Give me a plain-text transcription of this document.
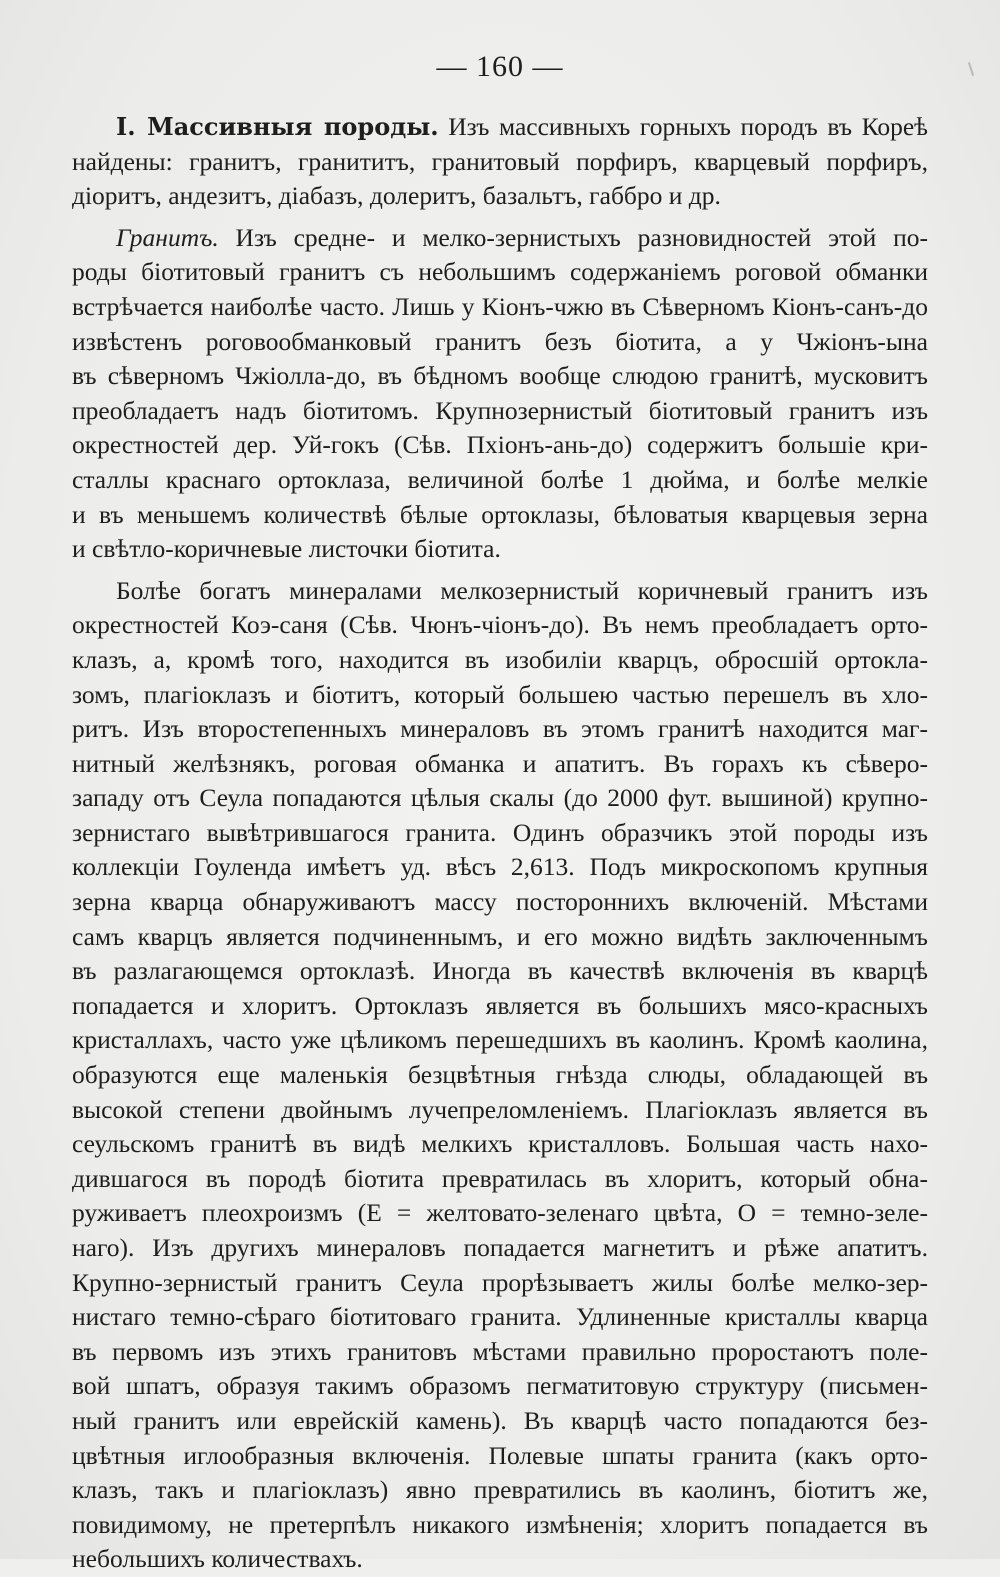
— 160 —
I. Массивныя породы. Изъ массивныхъ горныхъ породъ въ Кореѣ
найдены: гранитъ, гранититъ, гранитовый порфиръ, кварцевый порфиръ,
діоритъ, андезитъ, діабазъ, долеритъ, базальтъ, габбро и др.
Гранитъ. Изъ средне- и мелко-зернистыхъ разновидностей этой по-
роды біотитовый гранитъ съ небольшимъ содержаніемъ роговой обманки
встрѣчается наиболѣе часто. Лишь у Кіонъ-чжю въ Сѣверномъ Кіонъ-санъ-до
извѣстенъ роговообманковый гранитъ безъ біотита, а у Чжіонъ-ына
въ сѣверномъ Чжіолла-до, въ бѣдномъ вообще слюдою гранитѣ, мусковитъ
преобладаетъ надъ біотитомъ. Крупнозернистый біотитовый гранитъ изъ
окрестностей дер. Уй-гокъ (Сѣв. Пхіонъ-ань-до) содержитъ большіе кри-
сталлы краснаго ортоклаза, величиной болѣе 1 дюйма, и болѣе мелкіе
и въ меньшемъ количествѣ бѣлые ортоклазы, бѣловатыя кварцевыя зерна
и свѣтло-коричневые листочки біотита.
Болѣе богатъ минералами мелкозернистый коричневый гранитъ изъ
окрестностей Коэ-саня (Сѣв. Чюнъ-чіонъ-до). Въ немъ преобладаетъ орто-
клазъ, а, кромѣ того, находится въ изобиліи кварцъ, обросшій ортокла-
зомъ, плагіоклазъ и біотитъ, который большею частью перешелъ въ хло-
ритъ. Изъ второстепенныхъ минераловъ въ этомъ гранитѣ находится маг-
нитный желѣзнякъ, роговая обманка и апатитъ. Въ горахъ къ сѣверо-
западу отъ Сеула попадаются цѣлыя скалы (до 2000 фут. вышиной) крупно-
зернистаго вывѣтрившагося гранита. Одинъ образчикъ этой породы изъ
коллекціи Гоуленда имѣетъ уд. вѣсъ 2,613. Подъ микроскопомъ крупныя
зерна кварца обнаруживаютъ массу постороннихъ включеній. Мѣстами
самъ кварцъ является подчиненнымъ, и его можно видѣть заключеннымъ
въ разлагающемся ортоклазѣ. Иногда въ качествѣ включенія въ кварцѣ
попадается и хлоритъ. Ортоклазъ является въ большихъ мясо-красныхъ
кристаллахъ, часто уже цѣликомъ перешедшихъ въ каолинъ. Кромѣ каолина,
образуются еще маленькія безцвѣтныя гнѣзда слюды, обладающей въ
высокой степени двойнымъ лучепреломленіемъ. Плагіоклазъ является въ
сеульскомъ гранитѣ въ видѣ мелкихъ кристалловъ. Большая часть нахо-
дившагося въ породѣ біотита превратилась въ хлоритъ, который обна-
руживаетъ плеохроизмъ (E = желтовато-зеленаго цвѣта, O = темно-зеле-
наго). Изъ другихъ минераловъ попадается магнетитъ и рѣже апатитъ.
Крупно-зернистый гранитъ Сеула прорѣзываетъ жилы болѣе мелко-зер-
нистаго темно-сѣраго біотитоваго гранита. Удлиненные кристаллы кварца
въ первомъ изъ этихъ гранитовъ мѣстами правильно проростаютъ поле-
вой шпатъ, образуя такимъ образомъ пегматитовую структуру (письмен-
ный гранитъ или еврейскій камень). Въ кварцѣ часто попадаются без-
цвѣтныя иглообразныя включенія. Полевые шпаты гранита (какъ орто-
клазъ, такъ и плагіоклазъ) явно превратились въ каолинъ, біотитъ же,
повидимому, не претерпѣлъ никакого измѣненія; хлоритъ попадается въ
небольшихъ количествахъ.
